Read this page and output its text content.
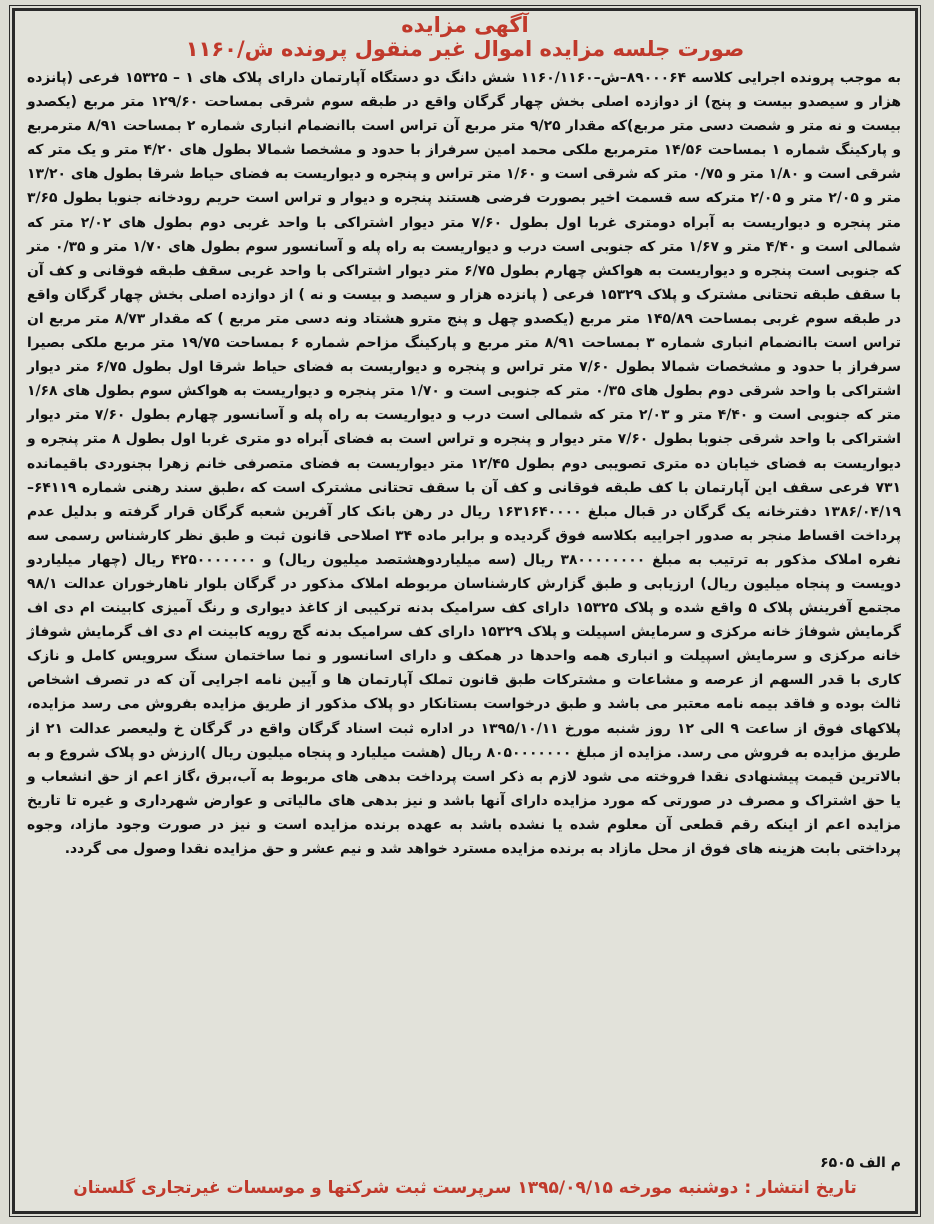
آگهی مزایده
صورت جلسه مزایده اموال غیر منقول پرونده ش/۱۱۶۰

به موجب پرونده اجرایی کلاسه ۸۹۰۰۰۶۴–ش–۱۱۶۰/۱۱۶۰ شش دانگ دو دستگاه آپارتمان دارای پلاک های ۱ – ۱۵۳۲۵ فرعی (پانزده هزار و سیصدو بیست و پنج) از دوازده اصلی بخش چهار گرگان واقع در طبقه سوم شرقی بمساحت ۱۲۹/۶۰ متر مربع (یکصدو بیست و نه متر و شصت دسی متر مربع)که مقدار ۹/۲۵ متر مربع آن تراس است باانضمام انباری شماره ۲ بمساحت ۸/۹۱ مترمربع و پارکینگ شماره ۱ بمساحت ۱۴/۵۶ مترمربع ملکی محمد امین سرفراز با حدود و مشخصا شمالا بطول های ۴/۲۰ متر و یک متر که شرقی است و ۱/۸۰ متر و ۰/۷۵ متر که شرقی است و ۱/۶۰ متر تراس و پنجره و دیواریست به فضای حیاط شرقا بطول های ۱۳/۲۰ متر و ۲/۰۵ متر و ۲/۰۵ مترکه سه قسمت اخیر بصورت فرضی هستند پنجره و دیوار و تراس است حریم رودخانه جنوبا بطول ۳/۶۵ متر پنجره و دیواریست به آبراه دومتری غربا اول بطول ۷/۶۰ متر دیوار اشتراکی با واحد غربی دوم بطول های ۲/۰۲ متر که شمالی است و ۴/۴۰ متر و ۱/۶۷ متر که جنوبی است درب و دیواریست به راه پله و آسانسور سوم بطول های ۱/۷۰ متر و ۰/۳۵ متر که جنوبی است پنجره و دیواریست به هواکش چهارم بطول ۶/۷۵ متر دیوار اشتراکی با واحد غربی سقف طبقه فوقانی و کف آن با سقف طبقه تحتانی مشترک و پلاک ۱۵۳۲۹ فرعی ( پانزده هزار و سیصد و بیست و نه ) از دوازده اصلی بخش چهار گرگان واقع در طبقه سوم غربی بمساحت ۱۴۵/۸۹ متر مربع (یکصدو چهل و پنج مترو هشتاد ونه دسی متر مربع ) که مقدار ۸/۷۳ متر مربع ان تراس است باانضمام انباری شماره ۳ بمساحت ۸/۹۱ متر مربع و پارکینگ مزاحم شماره ۶ بمساحت ۱۹/۷۵ متر مربع ملکی بصیرا سرفراز با حدود و مشخصات شمالا بطول ۷/۶۰ متر تراس و پنجره و دیواریست به فضای حیاط شرقا اول بطول ۶/۷۵ متر دیوار اشتراکی با واحد شرقی دوم بطول های ۰/۳۵ متر که جنوبی است و ۱/۷۰ متر پنجره و دیواریست به هواکش سوم بطول های ۱/۶۸ متر که جنوبی است و ۴/۴۰ متر و ۲/۰۳ متر که شمالی است درب و دیواریست به راه پله و آسانسور چهارم بطول ۷/۶۰ متر دیوار اشتراکی با واحد شرقی جنوبا بطول ۷/۶۰ متر دیوار و پنجره و تراس است به فضای آبراه دو متری غربا اول بطول ۸ متر پنجره و دیواریست به فضای خیابان ده متری تصویبی دوم بطول ۱۲/۴۵ متر دیواریست به فضای متصرفی خانم زهرا بجنوردی باقیمانده ۷۳۱ فرعی سقف این آپارتمان با کف طبقه فوقانی و کف آن با سقف تحتانی مشترک است که ،طبق سند رهنی شماره ۶۴۱۱۹–۱۳۸۶/۰۴/۱۹ دفترخانه یک گرگان در قبال مبلغ ۱۶۳۱۶۴۰۰۰۰ ریال در رهن بانک کار آفرین شعبه گرگان قرار گرفته و بدلیل عدم پرداخت اقساط منجر به صدور اجراییه بکلاسه فوق گردیده و برابر ماده ۳۴ اصلاحی قانون ثبت و طبق نظر کارشناس رسمی سه نفره املاک مذکور به ترتیب به مبلغ ۳۸۰۰۰۰۰۰۰۰ ریال (سه میلیاردوهشتصد میلیون ریال) و ۴۲۵۰۰۰۰۰۰۰ ریال (چهار میلیاردو دویست و پنجاه میلیون ریال) ارزیابی و طبق گزارش کارشناسان مربوطه املاک مذکور در گرگان بلوار ناهارخوران عدالت ۹۸/۱ مجتمع آفرینش پلاک ۵ واقع شده و پلاک ۱۵۳۲۵ دارای کف سرامیک بدنه ترکیبی از کاغذ دیواری و رنگ آمیزی کابینت ام دی اف گرمایش شوفاژ خانه مرکزی و سرمایش اسپیلت و پلاک ۱۵۳۲۹ دارای کف سرامیک بدنه گچ رویه کابینت ام دی اف گرمایش شوفاژ خانه مرکزی و سرمایش اسپیلت و انباری همه واحدها در همکف و دارای اسانسور و نما ساختمان سنگ سرویس کامل و نازک کاری با قدر السهم از عرصه و مشاعات و مشترکات طبق قانون تملک آپارتمان ها و آیین نامه اجرایی آن که در تصرف اشخاص ثالث بوده و فاقد بیمه نامه معتبر می باشد و طبق درخواست بستانکار دو پلاک مذکور از طریق مزایده بفروش می رسد مزایده، پلاکهای فوق از ساعت ۹ الی ۱۲ روز شنبه مورخ ۱۳۹۵/۱۰/۱۱ در اداره ثبت اسناد گرگان واقع در گرگان خ ولیعصر عدالت ۲۱ از طریق مزایده به فروش می رسد. مزایده از مبلغ ۸۰۵۰۰۰۰۰۰۰ ریال (هشت میلیارد و پنجاه میلیون ریال )ارزش دو پلاک شروع و به بالاترین قیمت پیشنهادی نقدا فروخته می شود لازم به ذکر است پرداخت بدهی های مربوط به آب،برق ،گاز اعم از حق انشعاب و یا حق اشتراک و مصرف در صورتی که مورد مزایده دارای آنها باشد و نیز بدهی های مالیاتی و عوارض شهرداری و غیره تا تاریخ مزایده اعم از اینکه رقم قطعی آن معلوم شده یا نشده باشد به عهده برنده مزایده است و نیز در صورت وجود مازاد، وجوه پرداختی بابت هزینه های فوق از محل مازاد به برنده مزایده مسترد خواهد شد و نیم عشر و حق مزایده نقدا وصول می گردد.

م الف ۶۵۰۵
تاریخ انتشار : دوشنبه مورخه ۱۳۹۵/۰۹/۱۵ سرپرست ثبت شرکتها و موسسات غیرتجاری گلستان
